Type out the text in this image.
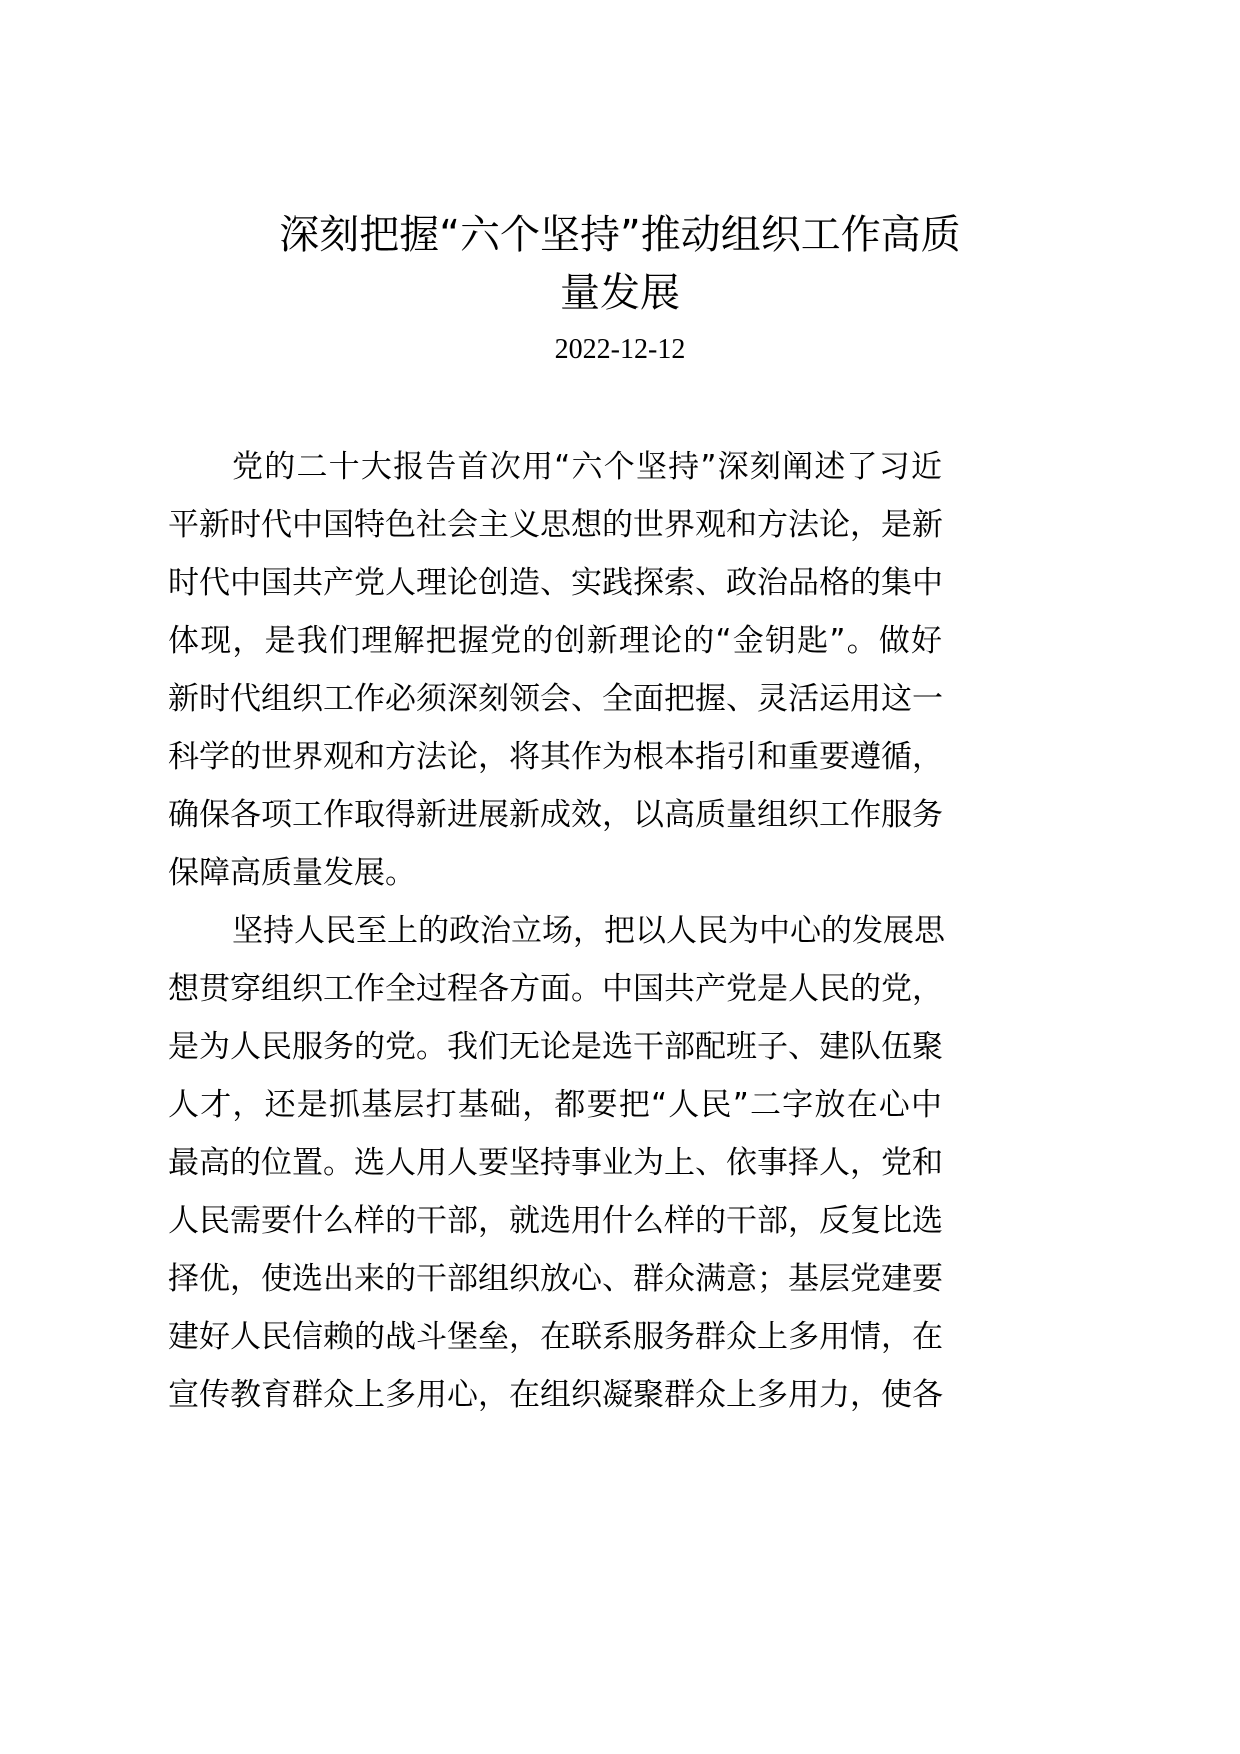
深刻把握“六个坚持”推动组织工作高质
量发展
2022-12-12
党的二十大报告首次用“六个坚持”深刻阐述了习近
平新时代中国特色社会主义思想的世界观和方法论，是新
时代中国共产党人理论创造、实践探索、政治品格的集中
体现，是我们理解把握党的创新理论的“金钥匙”。做好
新时代组织工作必须深刻领会、全面把握、灵活运用这一
科学的世界观和方法论，将其作为根本指引和重要遵循，
确保各项工作取得新进展新成效，以高质量组织工作服务
保障高质量发展。
坚持人民至上的政治立场，把以人民为中心的发展思
想贯穿组织工作全过程各方面。中国共产党是人民的党，
是为人民服务的党。我们无论是选干部配班子、建队伍聚
人才，还是抓基层打基础，都要把“人民”二字放在心中
最高的位置。选人用人要坚持事业为上、依事择人，党和
人民需要什么样的干部，就选用什么样的干部，反复比选
择优，使选出来的干部组织放心、群众满意；基层党建要
建好人民信赖的战斗堡垒，在联系服务群众上多用情，在
宣传教育群众上多用心，在组织凝聚群众上多用力，使各
